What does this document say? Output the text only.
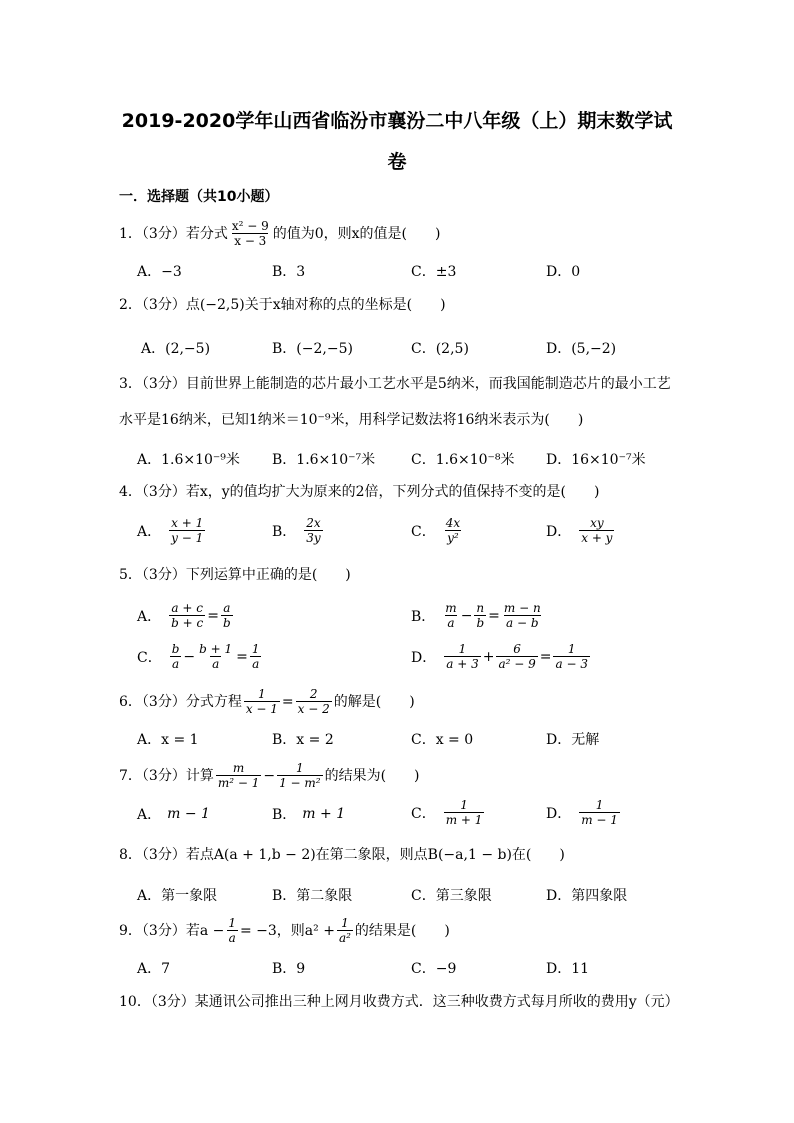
2019-2020学年山西省临汾市襄汾二中八年级（上）期末数学试
卷
一．选择题（共10小题）
1．（3分）若分式 x² − 9
x − 3 的值为0，则x的值是(　　)
A．−3	B．3	C．±3	D．0
2．（3分）点(−2,5)关于x轴对称的点的坐标是(　　)
A．(2,−5)	B．(−2,−5)	C．(2,5)	D．(5,−2)
3．（3分）目前世界上能制造的芯片最小工艺水平是5纳米，而我国能制造芯片的最小工艺
水平是16纳米，已知1纳米＝10⁻⁹米，用科学记数法将16纳米表示为(　　)
A．1.6×10⁻⁹米 B．1.6×10⁻⁷米	C．1.6×10⁻⁸米 D．16×10⁻⁷米
4．（3分）若x，y的值均扩大为原来的2倍，下列分式的值保持不变的是(　　)
A．
x + 1
y − 1	B．
2x
3y	C．
4x
y²	D．
xy
x + y
5．（3分）下列运算中正确的是(　　)
A． $\frac{a + c}{b + c} = \frac{a}{b}$	B．
m
$a - \frac{n}{b} = \frac{m - n}{a - b}$
C．
b
$a - \frac{b + 1}{a} = \frac{1}{a}$	D．
1
$a + 3 + \frac{6}{\text{a² − 9}} = \frac{1}{a - 3}$
6．（3分）分式方程 $\frac{1}{x - 1} = \frac{2}{x - 2}$ 的解是(　　)
A．x = 1	B．x = 2	C．x = 0	D．无解
7．（3分）计算 m
$m^2 - 1 - \frac{1}{\text{1 − m²}}$ 的结果为(　　)
A． m − 1	B． m + 1	C．
1
m + 1	D．
1
m − 1
8．（3分）若点A(a + 1,b − 2)在第二象限，则点B(−a,1 − b)在(　　)
A．第一象限	B．第二象限	C．第三象限	D．第四象限
9．（3分）若$a - \frac{1}{a} = -3$，则$a^2 + \frac{1}{\text{a²}}$ 的结果是(　　)
A．7	B．9	C．−9	D．11
10．（3分）某通讯公司推出三种上网月收费方式．这三种收费方式每月所收的费用y（元）
